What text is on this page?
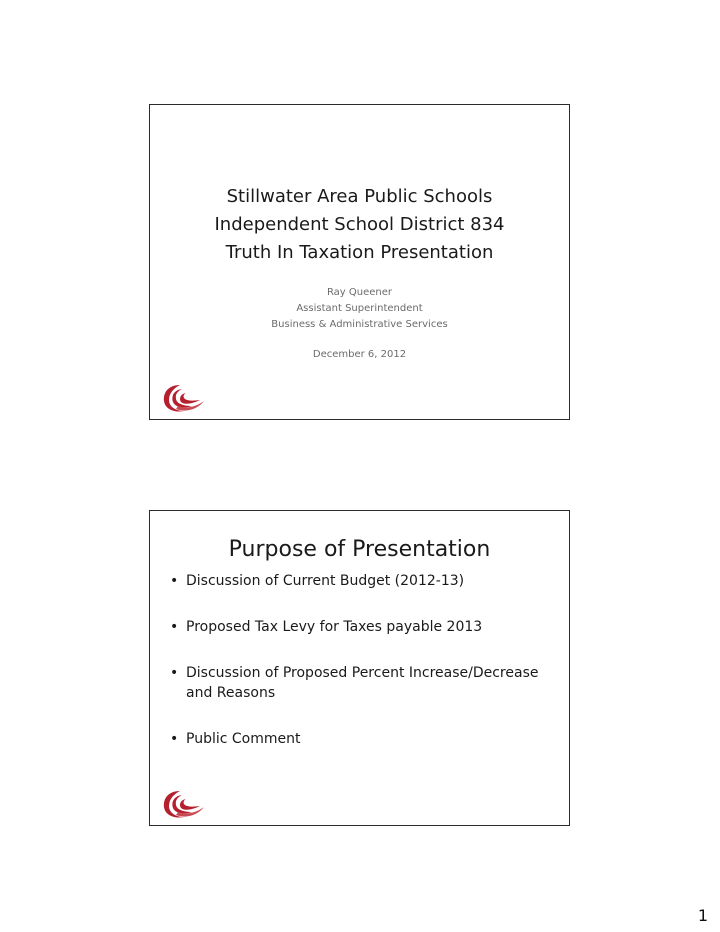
Stillwater Area Public Schools
Independent School District 834
Truth In Taxation Presentation
Ray Queener
Assistant Superintendent
Business & Administrative Services
December 6, 2012
Purpose of Presentation
• Discussion of Current Budget (2012-13)
• Proposed Tax Levy for Taxes payable 2013
• Discussion of Proposed Percent Increase/Decrease and Reasons
• Public Comment
1
